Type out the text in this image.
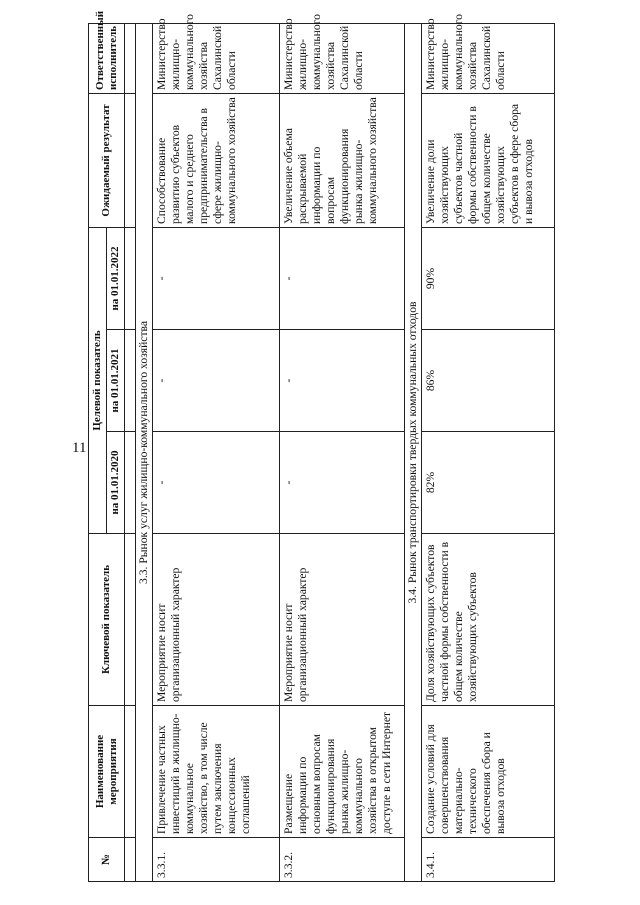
11
№	Наименование мероприятия	Ключевой показатель	Целевой показатель			Ожидаемый результат	Ответственный исполнитель
			на 01.01.2020	на 01.01.2021	на 01.01.2022		

3.3. Рынок услуг жилищно-коммунального хозяйства							
3.3.1.	Привлечение частных инвестиций в жилищно-коммунальное хозяйство, в том числе путем заключения концессионных соглашений	Мероприятие носит организационный характер	-	-	-	Способствование развитию субъектов малого и среднего предпринимательства в сфере жилищно-коммунального хозяйства	Министерство жилищно-коммунального хозяйства Сахалинской области
3.3.2.	Размещение информации по основным вопросам функционирования рынка жилищно-коммунального хозяйства в открытом доступе в сети Интернет	Мероприятие носит организационный характер	-	-	-	Увеличение объема раскрываемой информации по вопросам функционирования рынка жилищно-коммунального хозяйства	Министерство жилищно-коммунального хозяйства Сахалинской области
3.4. Рынок транспортировки твердых коммунальных отходов							
3.4.1.	Создание условий для совершенствования материально-технического обеспечения сбора и вывоза отходов	Доля хозяйствующих субъектов частной формы собственности в общем количестве хозяйствующих субъектов	82%	86%	90%	Увеличение доли хозяйствующих субъектов частной формы собственности в общем количестве хозяйствующих субъектов в сфере сбора и вывоза отходов	Министерство жилищно-коммунального хозяйства Сахалинской области
